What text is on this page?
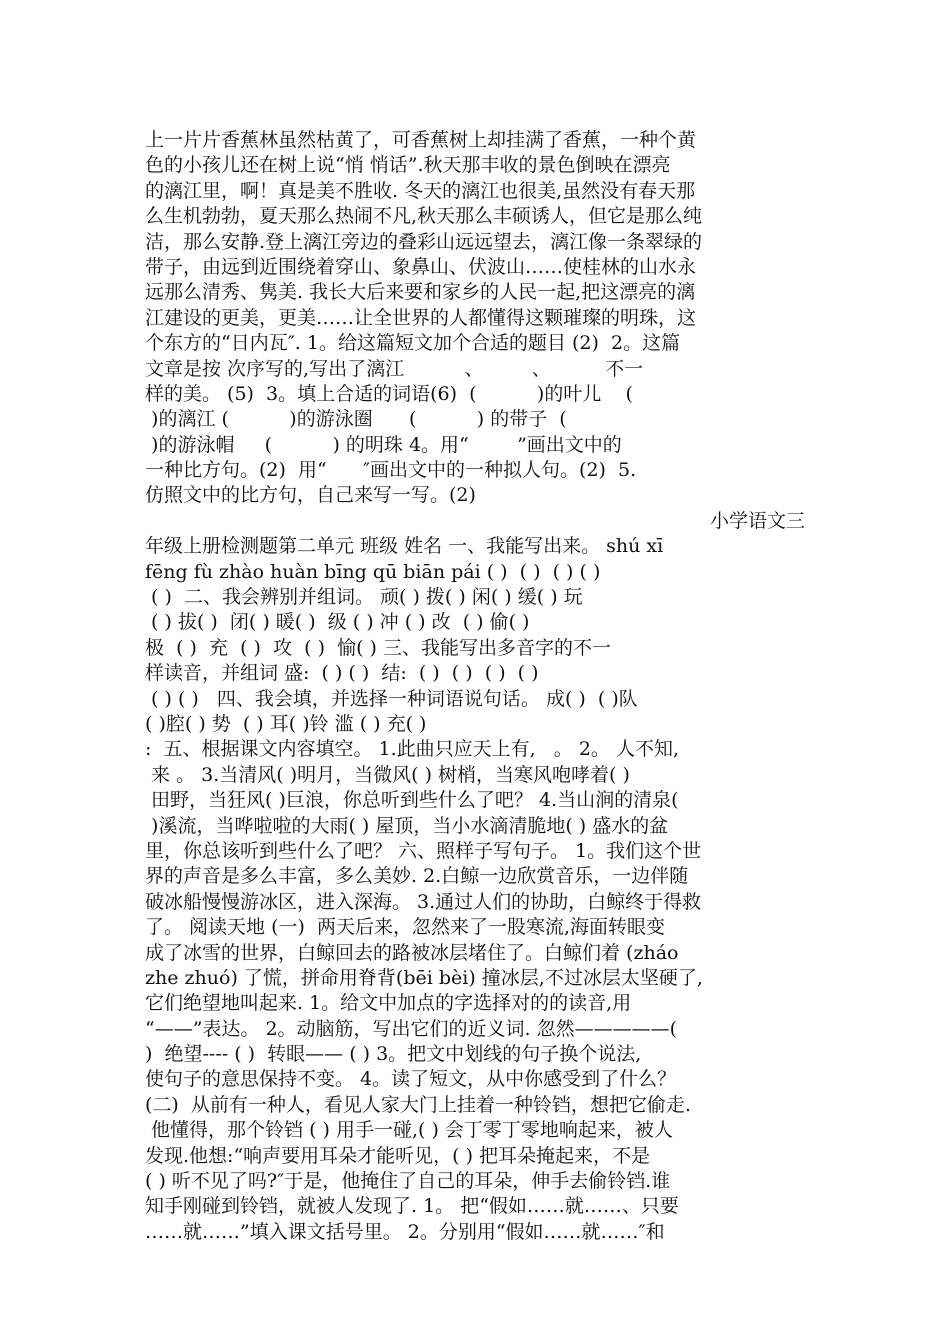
上一片片香蕉林虽然枯黄了，可香蕉树上却挂满了香蕉，一种个黄
色的小孩儿还在树上说“悄 悄话”.秋天那丰收的景色倒映在漂亮
的漓江里，啊！真是美不胜收. 冬天的漓江也很美,虽然没有春天那
么生机勃勃，夏天那么热闹不凡,秋天那么丰硕诱人，但它是那么纯
洁，那么安静.登上漓江旁边的叠彩山远远望去，漓江像一条翠绿的
带子，由远到近围绕着穿山、象鼻山、伏波山……使桂林的山水永
远那么清秀、隽美. 我长大后来要和家乡的人民一起,把这漂亮的漓
江建设的更美，更美……让全世界的人都懂得这颗璀璨的明珠，这
个东方的“日内瓦″. 1。给这篇短文加个合适的题目 (2)  2。这篇
文章是按 次序写的,写出了漓江          、        、         不一
样的美。 (5)  3。填上合适的词语(6)  (          )的叶儿    (
)的漓江 (          )的游泳圈      (          ) 的带子  (
)的游泳帽     (          ) 的明珠 4。用“        ”画出文中的
一种比方句。(2)  用“      ″画出文中的一种拟人句。(2)  5.
仿照文中的比方句，自己来写一写。(2)
小学语文三
年级上册检测题第二单元 班级 姓名 一、我能写出来。 shú xī
fēng fù zhào huàn bīng qū biān pái ( )  ( )  ( ) ( )
( )  二、我会辨别并组词。 顽( ) 拨( ) 闲( ) 缓( ) 玩
( ) 拔( )  闭( ) 暖( )  级 ( ) 冲 ( ) 改  ( ) 偷( )
极  ( )  充  ( )  攻  ( )  愉( ) 三、我能写出多音字的不一
样读音，并组词 盛:  ( ) ( )  结:  ( )  ( )  ( )  ( )
( ) ( )   四、我会填，并选择一种词语说句话。 成( )  ( )队
( )腔( ) 势  ( ) 耳( )铃 滥 ( ) 充( )
:  五、根据课文内容填空。 1.此曲只应天上有,   。 2。 人不知,
来 。 3.当清风( )明月，当微风( ) 树梢，当寒风咆哮着( )
田野，当狂风( )巨浪，你总听到些什么了吧？ 4.当山涧的清泉(
)溪流，当哗啦啦的大雨( ) 屋顶，当小水滴清脆地( ) 盛水的盆
里，你总该听到些什么了吧？ 六、照样子写句子。 1。我们这个世
界的声音是多么丰富，多么美妙. 2.白鲸一边欣赏音乐，一边伴随
破冰船慢慢游冰区，进入深海。 3.通过人们的协助，白鲸终于得救
了。 阅读天地 (一)  两天后来，忽然来了一股寒流,海面转眼变
成了冰雪的世界，白鲸回去的路被冰层堵住了。白鲸们着 (zháo
zhe zhuó) 了慌，拼命用脊背(bēi bèi) 撞冰层,不过冰层太坚硬了,
它们绝望地叫起来. 1。给文中加点的字选择对的的读音,用
“——”表达。 2。动脑筋，写出它们的近义词. 忽然—————(
)  绝望---- ( )  转眼—— ( ) 3。把文中划线的句子换个说法,
使句子的意思保持不变。 4。读了短文，从中你感受到了什么？
(二)  从前有一种人，看见人家大门上挂着一种铃铛，想把它偷走.
他懂得，那个铃铛 ( ) 用手一碰,( ) 会丁零丁零地响起来，被人
发现.他想:“响声要用耳朵才能听见，( ) 把耳朵掩起来，不是
( ) 听不见了吗?″于是，他掩住了自己的耳朵，伸手去偷铃铛.谁
知手刚碰到铃铛，就被人发现了. 1。 把“假如……就……、只要
……就……”填入课文括号里。 2。分别用“假如……就……″和
